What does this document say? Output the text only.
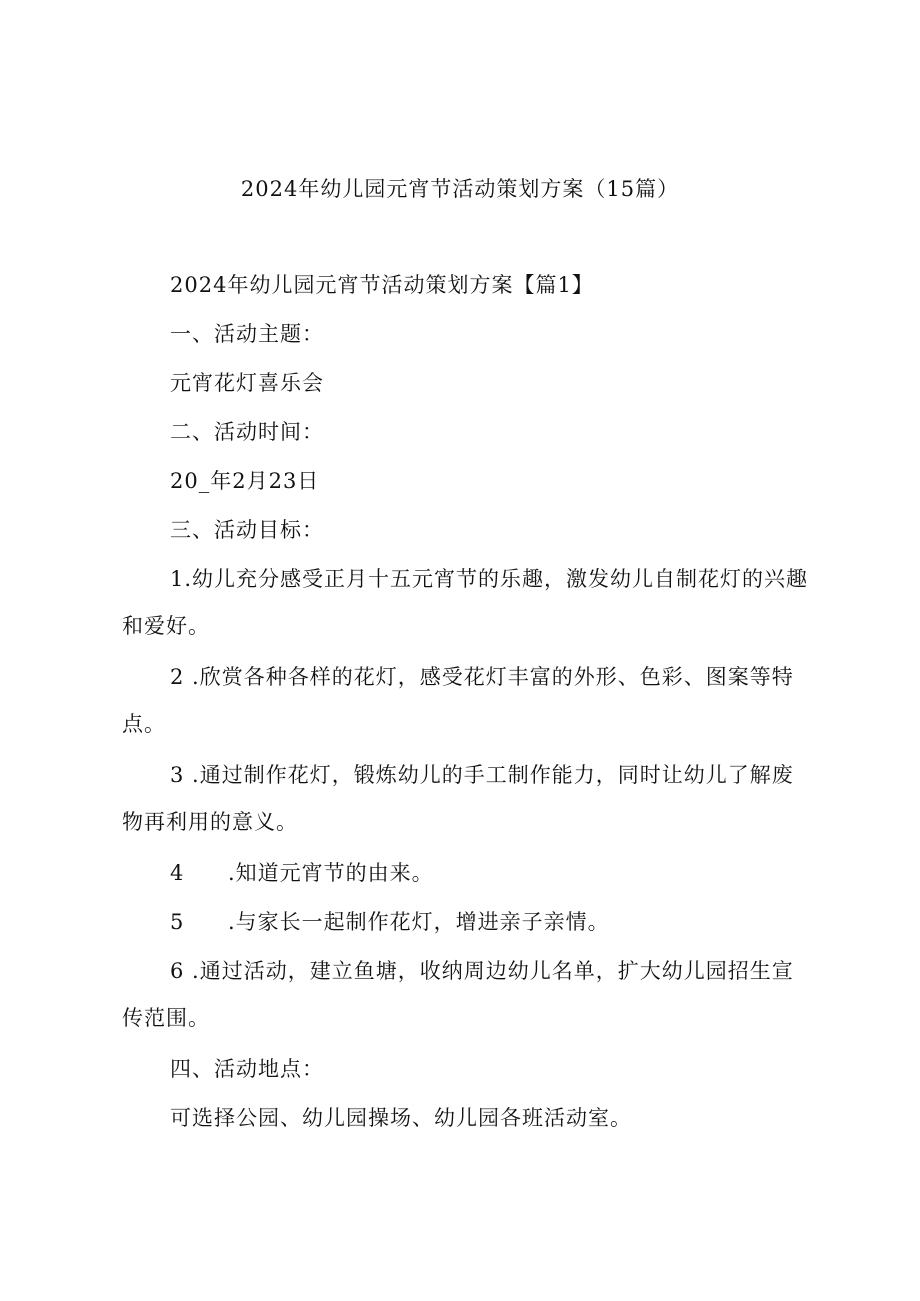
2024年幼儿园元宵节活动策划方案（15篇）

2024年幼儿园元宵节活动策划方案【篇1】

一、活动主题：

元宵花灯喜乐会

二、活动时间：

20_年2月23日

三、活动目标：

1.幼儿充分感受正月十五元宵节的乐趣，激发幼儿自制花灯的兴趣和爱好。

2 .欣赏各种各样的花灯，感受花灯丰富的外形、色彩、图案等特点。

3 .通过制作花灯，锻炼幼儿的手工制作能力，同时让幼儿了解废物再利用的意义。

4 .知道元宵节的由来。

5 .与家长一起制作花灯，增进亲子亲情。

6 .通过活动，建立鱼塘，收纳周边幼儿名单，扩大幼儿园招生宣传范围。

四、活动地点：

可选择公园、幼儿园操场、幼儿园各班活动室。
